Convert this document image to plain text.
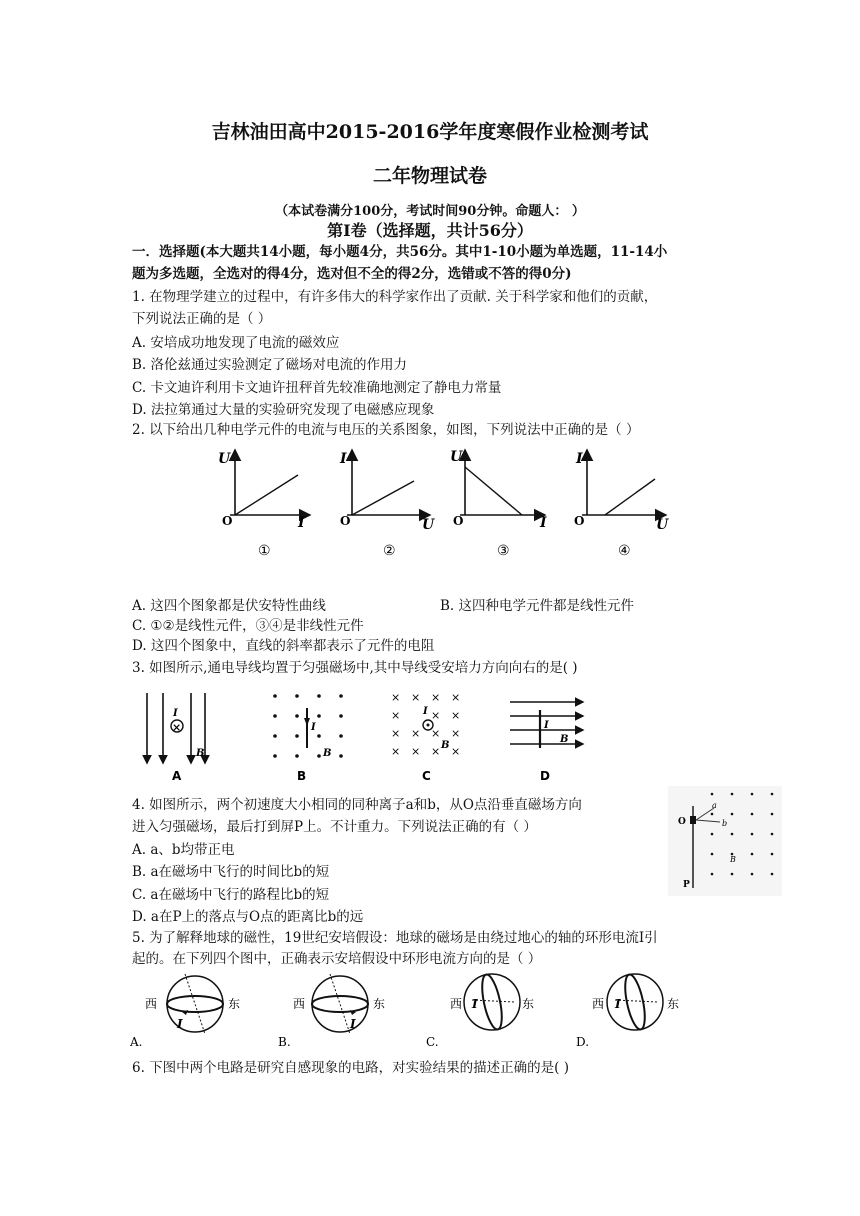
吉林油田高中2015-2016学年度寒假作业检测考试
二年物理试卷
（本试卷满分100分，考试时间90分钟。命题人： ）
第Ⅰ卷（选择题，共计56分）
一．选择题(本大题共14小题，每小题4分，共56分。其中1-10小题为单选题，11-14小
题为多选题，全选对的得4分，选对但不全的得2分，选错或不答的得0分)
1. 在物理学建立的过程中，有许多伟大的科学家作出了贡献. 关于科学家和他们的贡献，
下列说法正确的是（ ）
A. 安培成功地发现了电流的磁效应
B. 洛伦兹通过实验测定了磁场对电流的作用力
C. 卡文迪许利用卡文迪许扭秤首先较准确地测定了静电力常量
D. 法拉第通过大量的实验研究发现了电磁感应现象
2. 以下给出几种电学元件的电流与电压的关系图象，如图，下列说法中正确的是（ ）
U
I
O
①
I
U
O
②
U
I
O
③
I
U
O
④
A. 这四个图象都是伏安特性曲线	B. 这四种电学元件都是线性元件
C. ①②是线性元件，③④是非线性元件
D. 这四个图象中，直线的斜率都表示了元件的电阻
3. 如图所示,通电导线均置于匀强磁场中,其中导线受安培力方向向右的是( )
×
I
B
A
I
B
B
× × × ×
×	× ×
× × × ×
× × × ×
I
B
C
I
B
D
4. 如图所示，两个初速度大小相同的同种离子a和b，从O点沿垂直磁场方向
进入匀强磁场，最后打到屏P上。不计重力。下列说法正确的有（ ）
A. a、b均带正电
B. a在磁场中飞行的时间比b的短
C. a在磁场中飞行的路程比b的短
D. a在P上的落点与O点的距离比b的远
O
P
a
b
B
5. 为了解释地球的磁性，19世纪安培假设：地球的磁场是由绕过地心的轴的环形电流I引
起的。在下列四个图中，正确表示安培假设中环形电流方向的是（ ）
西	东
I
A.
西	东
I
B.
西	东
I
C.
西	东
I
D.
6. 下图中两个电路是研究自感现象的电路，对实验结果的描述正确的是( )
